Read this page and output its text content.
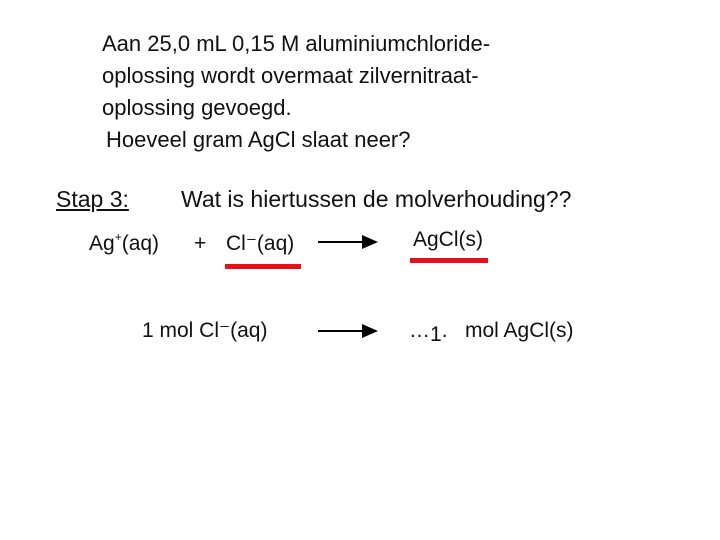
Aan 25,0 mL 0,15 M aluminiumchloride-
oplossing wordt overmaat zilvernitraat-
oplossing gevoegd.
Hoeveel gram AgCl slaat neer?
Stap 3: Wat is hiertussen de molverhouding??
Ag+(aq) + Cl⁻(aq) → AgCl(s)
1 mol Cl⁻(aq)	…1. mol AgCl(s)
